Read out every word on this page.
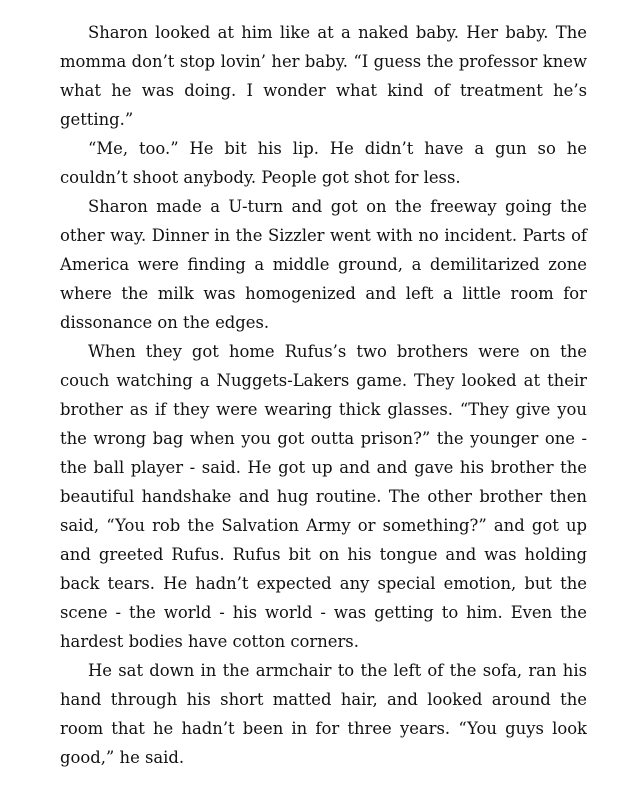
Sharon looked at him like at a naked baby. Her baby. The momma don’t stop lovin’ her baby. “I guess the professor knew what he was doing. I wonder what kind of treatment he’s getting.”

“Me, too.” He bit his lip. He didn’t have a gun so he couldn’t shoot anybody. People got shot for less.

Sharon made a U-turn and got on the freeway going the other way. Dinner in the Sizzler went with no incident. Parts of America were finding a middle ground, a demilitarized zone where the milk was homogenized and left a little room for dissonance on the edges.

When they got home Rufus’s two brothers were on the couch watching a Nuggets-Lakers game. They looked at their brother as if they were wearing thick glasses. “They give you the wrong bag when you got outta prison?” the younger one - the ball player - said. He got up and and gave his brother the beautiful handshake and hug routine. The other brother then said, “You rob the Salvation Army or something?” and got up and greeted Rufus. Rufus bit on his tongue and was holding back tears. He hadn’t expected any special emotion, but the scene - the world - his world - was getting to him. Even the hardest bodies have cotton corners.

He sat down in the armchair to the left of the sofa, ran his hand through his short matted hair, and looked around the room that he hadn’t been in for three years. “You guys look good,” he said.
